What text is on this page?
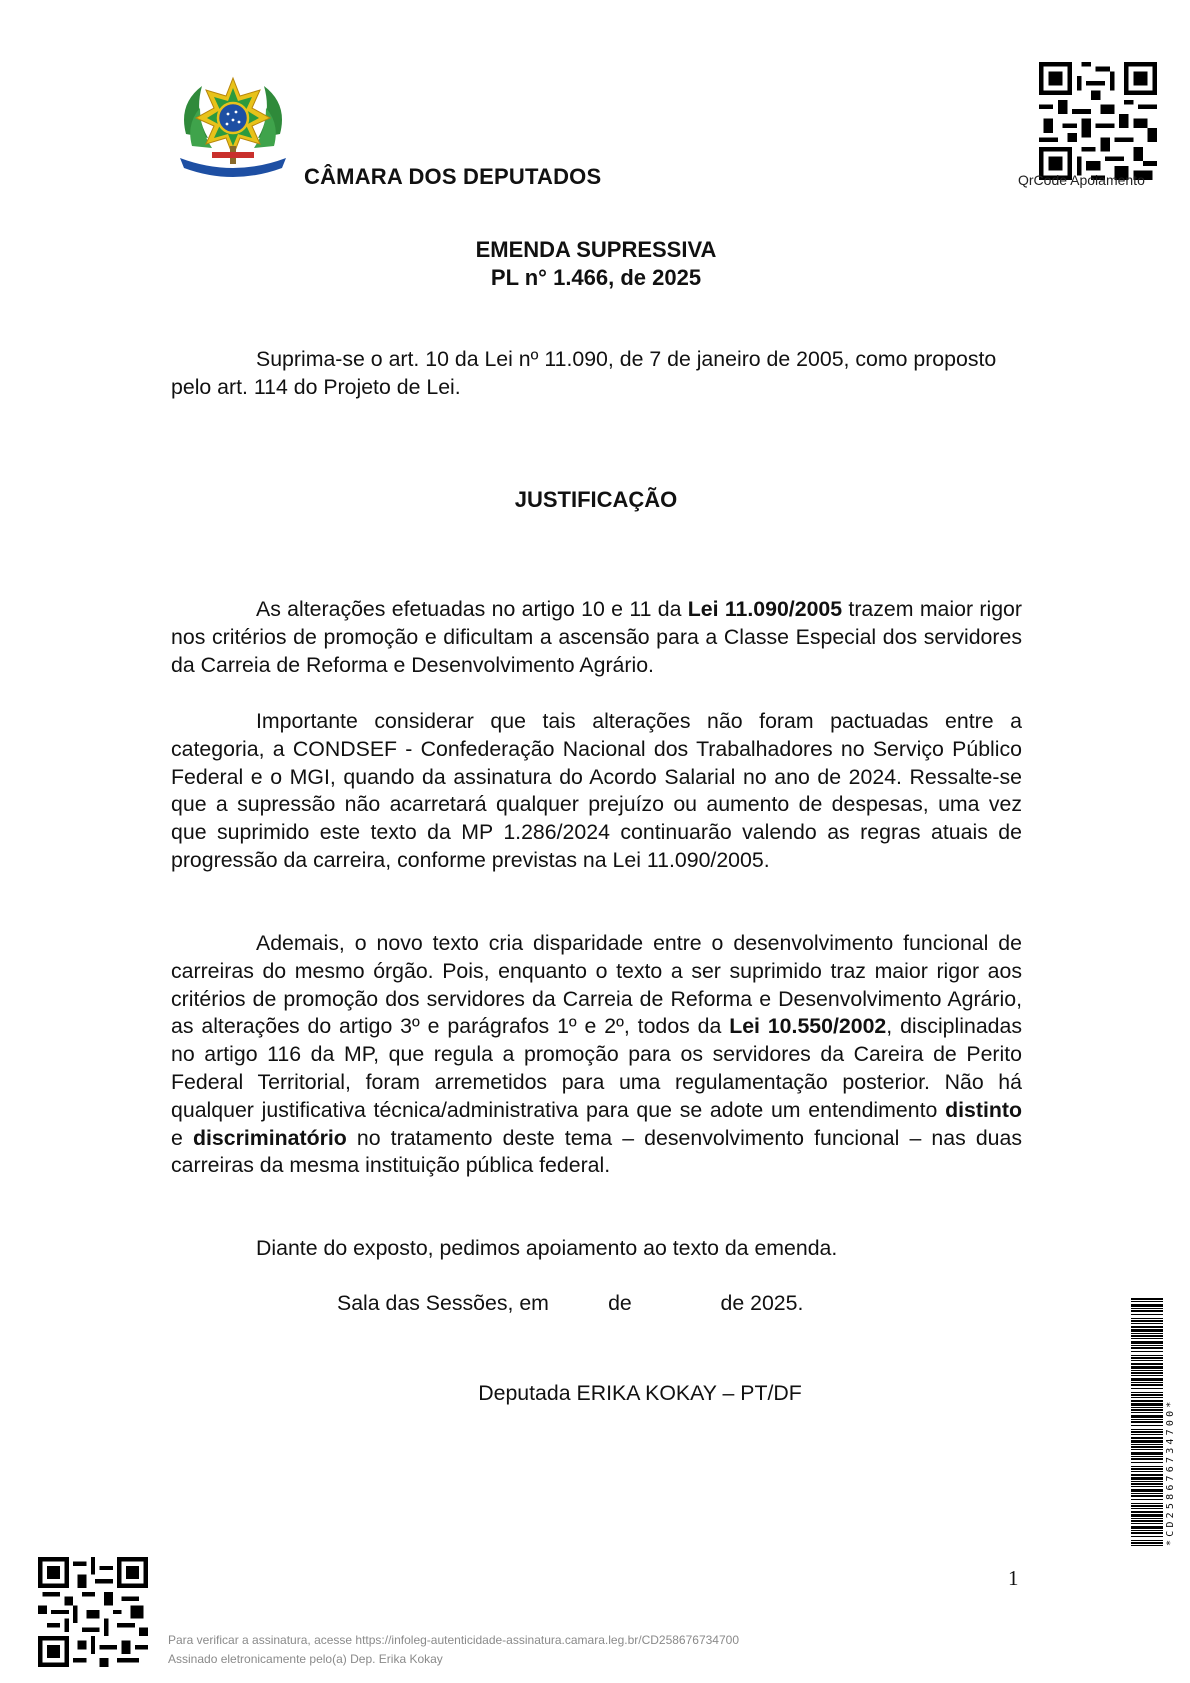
CÂMARA DOS DEPUTADOS	QrCode Apoiamento
EMENDA SUPRESSIVA
PL n° 1.466, de 2025

Suprima-se o art. 10 da Lei nº 11.090, de 7 de janeiro de 2005, como proposto pelo art. 114 do Projeto de Lei.

JUSTIFICAÇÃO

As alterações efetuadas no artigo 10 e 11 da Lei 11.090/2005 trazem maior rigor nos critérios de promoção e dificultam a ascensão para a Classe Especial dos servidores da Carreia de Reforma e Desenvolvimento Agrário.

Importante considerar que tais alterações não foram pactuadas entre a categoria, a CONDSEF - Confederação Nacional dos Trabalhadores no Serviço Público Federal e o MGI, quando da assinatura do Acordo Salarial no ano de 2024. Ressalte-se que a supressão não acarretará qualquer prejuízo ou aumento de despesas, uma vez que suprimido este texto da MP 1.286/2024 continuarão valendo as regras atuais de progressão da carreira, conforme previstas na Lei 11.090/2005.

Ademais, o novo texto cria disparidade entre o desenvolvimento funcional de carreiras do mesmo órgão. Pois, enquanto o texto a ser suprimido traz maior rigor aos critérios de promoção dos servidores da Carreia de Reforma e Desenvolvimento Agrário, as alterações do artigo 3º e parágrafos 1º e 2º, todos da Lei 10.550/2002, disciplinadas no artigo 116 da MP, que regula a promoção para os servidores da Careira de Perito Federal Territorial, foram arremetidos para uma regulamentação posterior. Não há qualquer justificativa técnica/administrativa para que se adote um entendimento distinto e discriminatório no tratamento deste tema – desenvolvimento funcional – nas duas carreiras da mesma instituição pública federal.

Diante do exposto, pedimos apoiamento ao texto da emenda.

Sala das Sessões, em          de               de 2025.
Deputada ERIKA KOKAY – PT/DF
*CD258676734700*
1
Para verificar a assinatura, acesse https://infoleg-autenticidade-assinatura.camara.leg.br/CD258676734700
Assinado eletronicamente pelo(a) Dep. Erika Kokay
